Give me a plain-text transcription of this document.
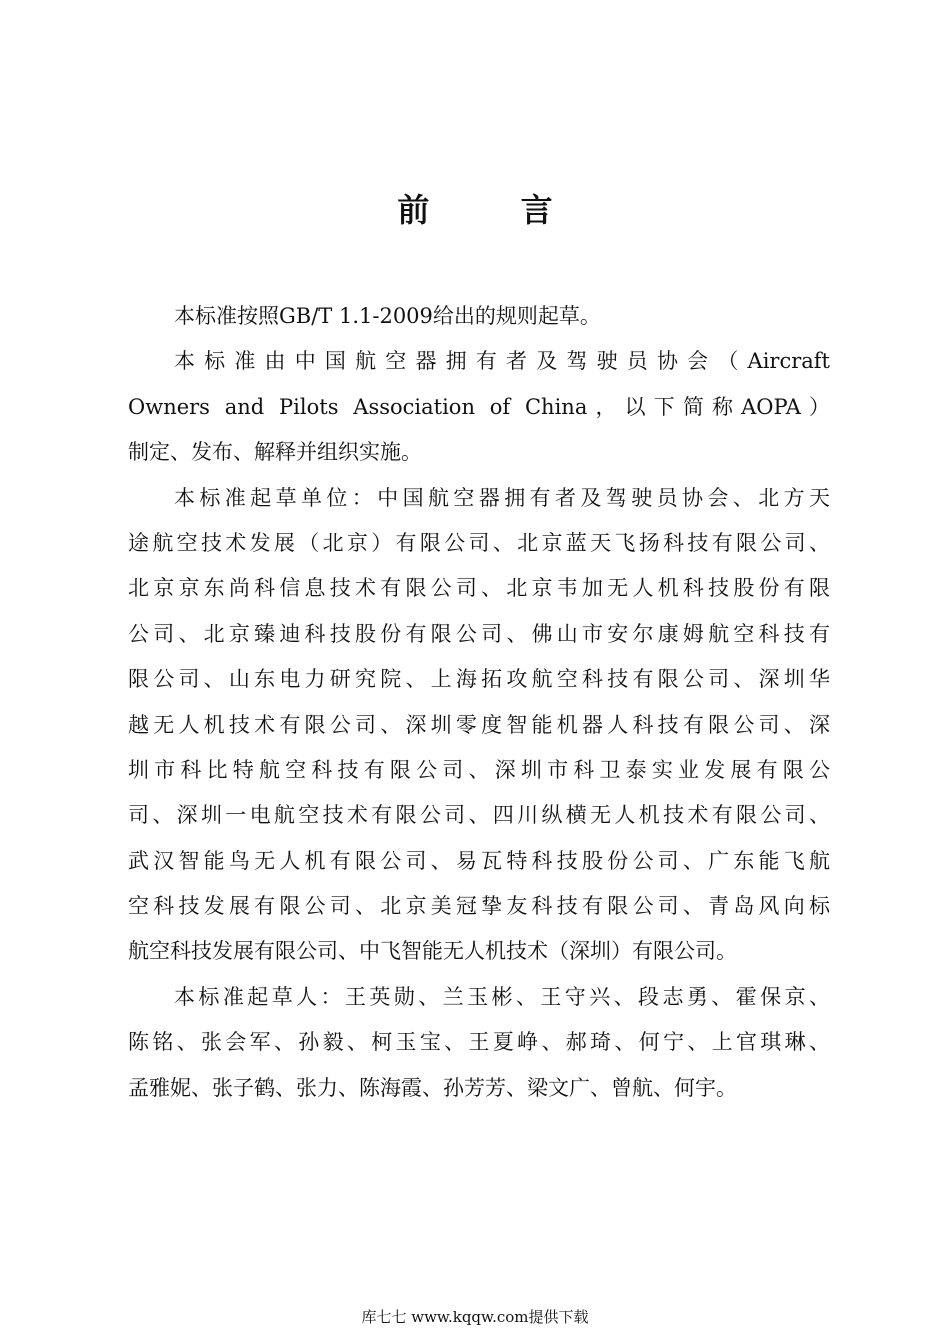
前 言
本标准按照GB/T 1.1-2009给出的规则起草。
本标准由中国航空器拥有者及驾驶员协会（Aircraft
Owners and Pilots Association of China，以下简称AOPA）
制定、发布、解释并组织实施。
本标准起草单位：中国航空器拥有者及驾驶员协会、北方天
途航空技术发展（北京）有限公司、北京蓝天飞扬科技有限公司、
北京京东尚科信息技术有限公司、北京韦加无人机科技股份有限
公司、北京臻迪科技股份有限公司、佛山市安尔康姆航空科技有
限公司、山东电力研究院、上海拓攻航空科技有限公司、深圳华
越无人机技术有限公司、深圳零度智能机器人科技有限公司、深
圳市科比特航空科技有限公司、深圳市科卫泰实业发展有限公
司、深圳一电航空技术有限公司、四川纵横无人机技术有限公司、
武汉智能鸟无人机有限公司、易瓦特科技股份公司、广东能飞航
空科技发展有限公司、北京美冠挚友科技有限公司、青岛风向标
航空科技发展有限公司、中飞智能无人机技术（深圳）有限公司。
本标准起草人：王英勋、兰玉彬、王守兴、段志勇、霍保京、
陈铭、张会军、孙毅、柯玉宝、王夏峥、郝琦、何宁、上官琪琳、
孟雅妮、张子鹤、张力、陈海霞、孙芳芳、梁文广、曾航、何宇。
库七七 www.kqqw.com提供下载
